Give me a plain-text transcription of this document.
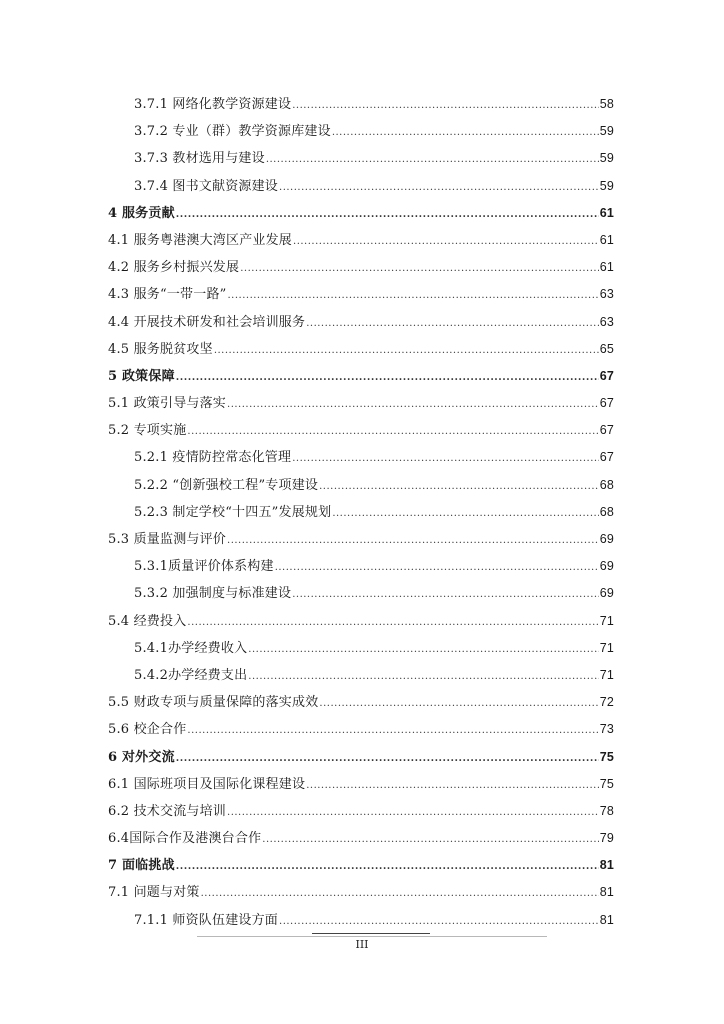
3.7.1 网络化教学资源建设 .....	58
3.7.2 专业（群）教学资源库建设 .....	59
3.7.3 教材选用与建设 .....	59
3.7.4 图书文献资源建设 .....	59
4 服务贡献 .....	61
4.1 服务粤港澳大湾区产业发展 .....	61
4.2 服务乡村振兴发展 .....	61
4.3 服务“一带一路” .....	63
4.4 开展技术研发和社会培训服务 .....	63
4.5 服务脱贫攻坚 .....	65
5 政策保障 .....	67
5.1 政策引导与落实 .....	67
5.2 专项实施 .....	67
5.2.1 疫情防控常态化管理 .....	67
5.2.2 “创新强校工程”专项建设 .....	68
5.2.3 制定学校“十四五”发展规划 .....	68
5.3 质量监测与评价 .....	69
5.3.1质量评价体系构建 .....	69
5.3.2 加强制度与标准建设 .....	69
5.4 经费投入 .....	71
5.4.1办学经费收入 .....	71
5.4.2办学经费支出 .....	71
5.5 财政专项与质量保障的落实成效 .....	72
5.6 校企合作 .....	73
6 对外交流 .....	75
6.1 国际班项目及国际化课程建设 .....	75
6.2 技术交流与培训 .....	78
6.4国际合作及港澳台合作 .....	79
7 面临挑战 .....	81
7.1 问题与对策 .....	81
7.1.1 师资队伍建设方面 .....	81
III
